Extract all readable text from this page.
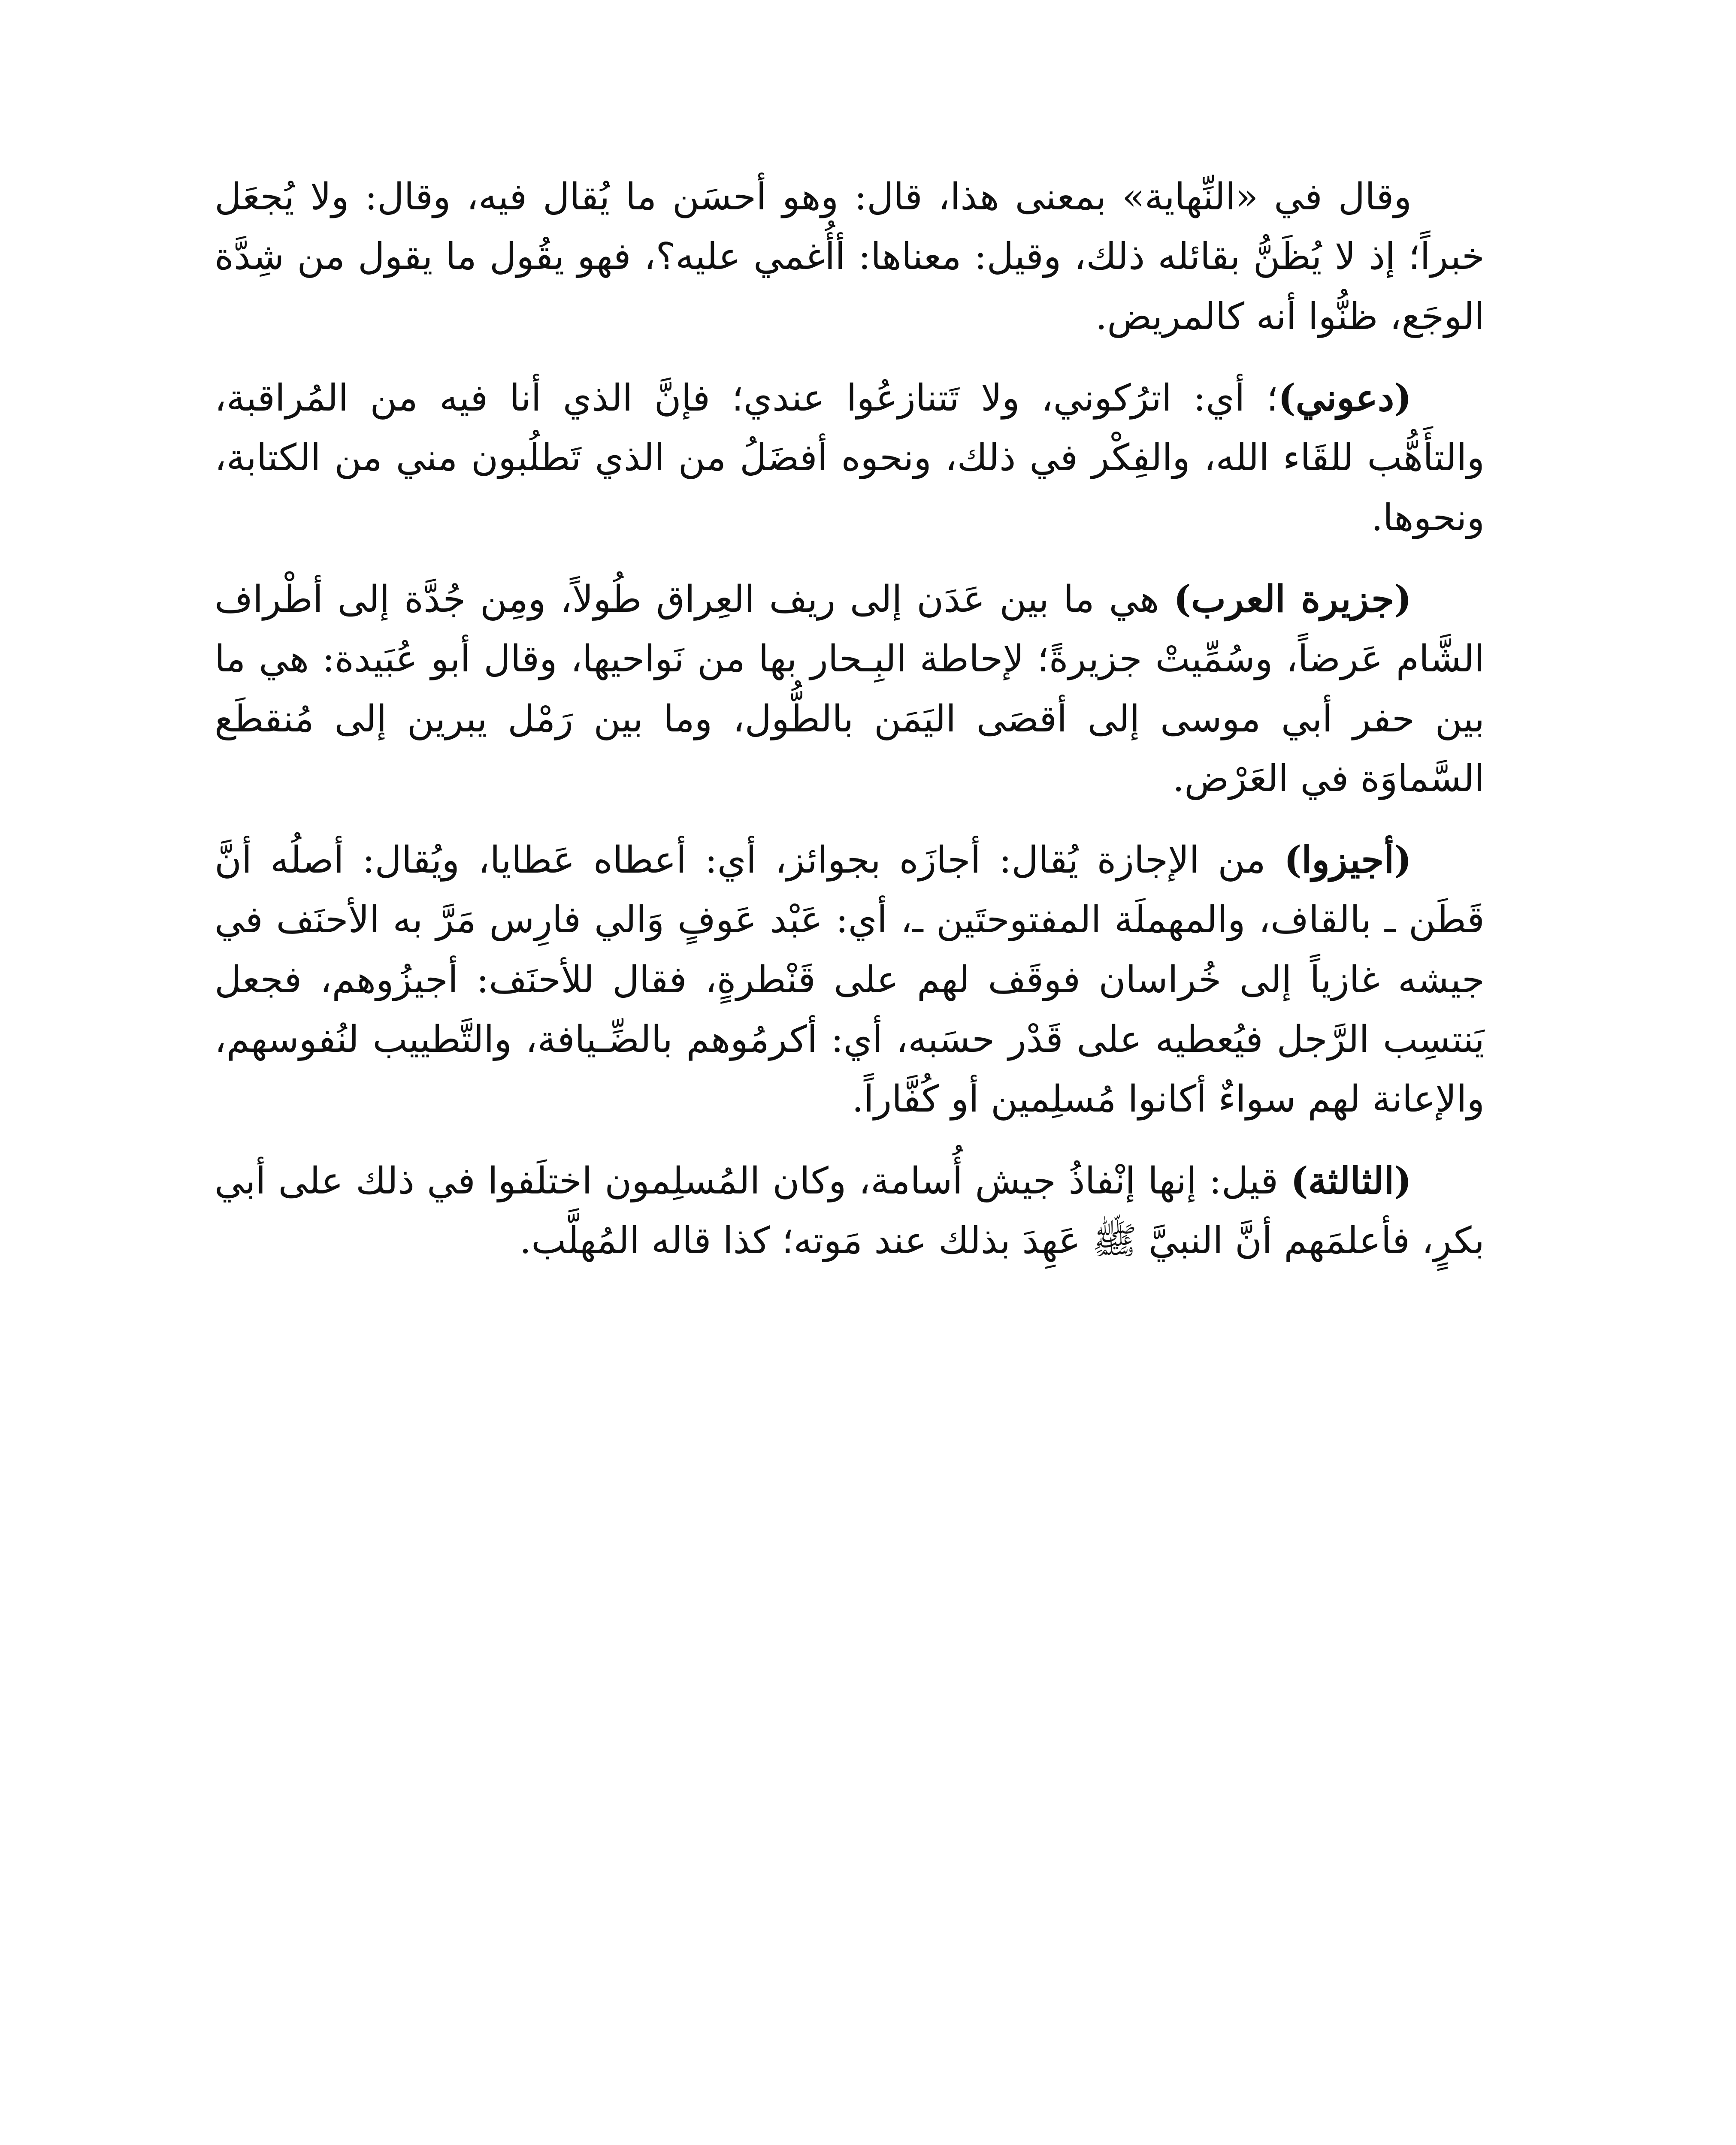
وقال في «النِّهاية» بمعنى هذا، قال: وهو أحسَن ما يُقال فيه، وقال: ولا يُجعَل خبراً؛ إذ لا يُظَنُّ بقائله ذلك، وقيل: معناها: أأُغمي عليه؟، فهو يقُول ما يقول من شِدَّة الوجَع، ظنُّوا أنه كالمريض.

(دعوني)؛ أي: اترُكوني، ولا تَتنازعُوا عندي؛ فإنَّ الذي أنا فيه من المُراقبة، والتأَهُّب للقَاء الله، والفِكْر في ذلك، ونحوه أفضَلُ من الذي تَطلُبون مني من الكتابة، ونحوها.

(جزيرة العرب) هي ما بين عَدَن إلى ريف العِراق طُولاً، ومِن جُدَّة إلى أطْراف الشَّام عَرضاً، وسُمِّيتْ جزيرةً؛ لإحاطة البِـحار بها من نَواحيها، وقال أبو عُبَيدة: هي ما بين حفر أبي موسى إلى أقصَى اليَمَن بالطُّول، وما بين رَمْل يبرين إلى مُنقطَع السَّماوَة في العَرْض.

(أجيزوا) من الإجازة يُقال: أجازَه بجوائز، أي: أعطاه عَطايا، ويُقال: أصلُه أنَّ قَطَن ـ بالقاف، والمهملَة المفتوحتَين ـ، أي: عَبْد عَوفٍ وَالي فارِس مَرَّ به الأحنَف في جيشه غازياً إلى خُراسان فوقَف لهم على قَنْطرةٍ، فقال للأحنَف: أجيزُوهم، فجعل يَنتسِب الرَّجل فيُعطيه على قَدْر حسَبه، أي: أكرمُوهم بالضِّـيافة، والتَّطييب لنُفوسهم، والإعانة لهم سواءٌ أكانوا مُسلِمين أو كُفَّاراً.

(الثالثة) قيل: إنها إنْفاذُ جيش أُسامة، وكان المُسلِمون اختلَفوا في ذلك على أبي بكرٍ، فأعلمَهم أنَّ النبيَّ ﷺ عَهِدَ بذلك عند مَوته؛ كذا قاله المُهلَّب.
